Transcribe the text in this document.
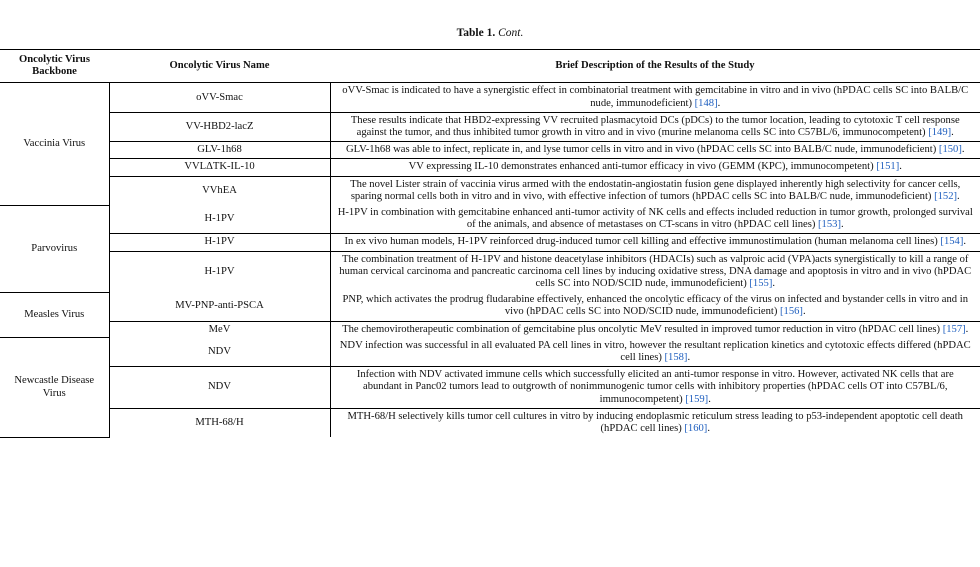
Table 1. Cont.
Oncolytic Virus Backbone	Oncolytic Virus Name	Brief Description of the Results of the Study
Vaccinia Virus	oVV-Smac	oVV-Smac is indicated to have a synergistic effect in combinatorial treatment with gemcitabine in vitro and in vivo (hPDAC cells SC into BALB/C nude, immunodeficient) [148].
	VV-HBD2-lacZ	These results indicate that HBD2-expressing VV recruited plasmacytoid DCs (pDCs) to the tumor location, leading to cytotoxic T cell response against the tumor, and thus inhibited tumor growth in vitro and in vivo (murine melanoma cells SC into C57BL/6, immunocompetent) [149].
	GLV-1h68	GLV-1h68 was able to infect, replicate in, and lyse tumor cells in vitro and in vivo (hPDAC cells SC into BALB/C nude, immunodeficient) [150].
	VVLΔTK-IL-10	VV expressing IL-10 demonstrates enhanced anti-tumor efficacy in vivo (GEMM (KPC), immunocompetent) [151].
	VVhEA	The novel Lister strain of vaccinia virus armed with the endostatin-angiostatin fusion gene displayed inherently high selectivity for cancer cells, sparing normal cells both in vitro and in vivo, with effective infection of tumors (hPDAC cells SC into BALB/C nude, immunodeficient) [152].
Parvovirus	H-1PV	H-1PV in combination with gemcitabine enhanced anti-tumor activity of NK cells and effects included reduction in tumor growth, prolonged survival of the animals, and absence of metastases on CT-scans in vitro (hPDAC cell lines) [153].
	H-1PV	In ex vivo human models, H-1PV reinforced drug-induced tumor cell killing and effective immunostimulation (human melanoma cell lines) [154].
	H-1PV	The combination treatment of H-1PV and histone deacetylase inhibitors (HDACIs) such as valproic acid (VPA)acts synergistically to kill a range of human cervical carcinoma and pancreatic carcinoma cell lines by inducing oxidative stress, DNA damage and apoptosis in vitro and in vivo (hPDAC cells SC into NOD/SCID nude, immunodeficient) [155].
Measles Virus	MV-PNP-anti-PSCA	PNP, which activates the prodrug fludarabine effectively, enhanced the oncolytic efficacy of the virus on infected and bystander cells in vitro and in vivo (hPDAC cells SC into NOD/SCID nude, immunodeficient) [156].
	MeV	The chemovirotherapeutic combination of gemcitabine plus oncolytic MeV resulted in improved tumor reduction in vitro (hPDAC cell lines) [157].
Newcastle Disease Virus	NDV	NDV infection was successful in all evaluated PA cell lines in vitro, however the resultant replication kinetics and cytotoxic effects differed (hPDAC cell lines) [158].
	NDV	Infection with NDV activated immune cells which successfully elicited an anti-tumor response in vitro. However, activated NK cells that are abundant in Panc02 tumors lead to outgrowth of nonimmunogenic tumor cells with inhibitory properties (hPDAC cells OT into C57BL/6, immunocompetent) [159].
	MTH-68/H	MTH-68/H selectively kills tumor cell cultures in vitro by inducing endoplasmic reticulum stress leading to p53-independent apoptotic cell death (hPDAC cell lines) [160].
